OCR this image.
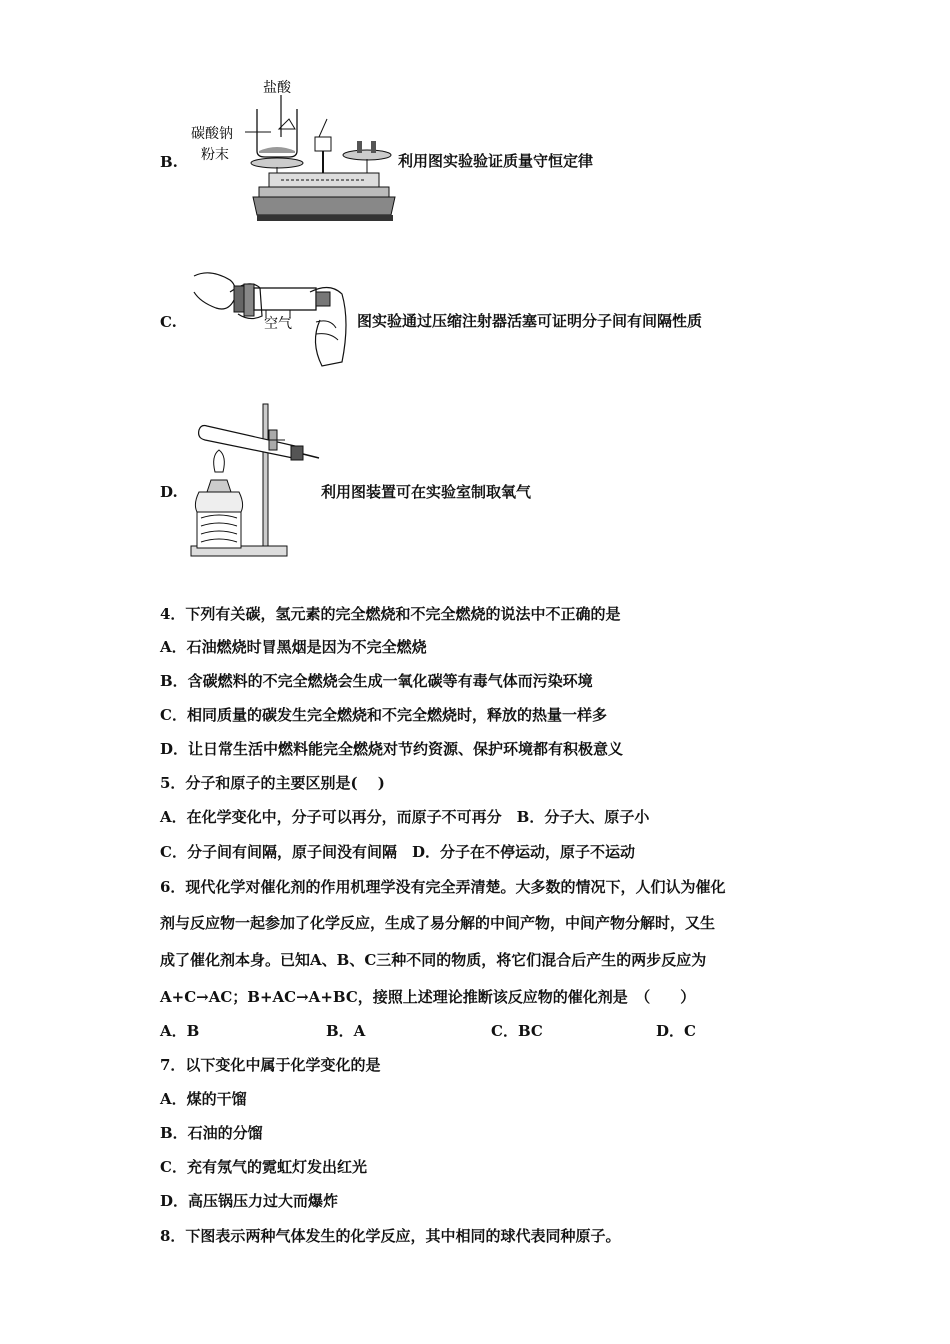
B.
盐酸
碳酸钠
粉末	利用图实验验证质量守恒定律
C.	空气	图实验通过压缩注射器活塞可证明分子间有间隔性质
D.	利用图装置可在实验室制取氧气
4．下列有关碳，氢元素的完全燃烧和不完全燃烧的说法中不正确的是
A．石油燃烧时冒黑烟是因为不完全燃烧
B．含碳燃料的不完全燃烧会生成一氧化碳等有毒气体而污染环境
C．相同质量的碳发生完全燃烧和不完全燃烧时，释放的热量一样多
D．让日常生活中燃料能完全燃烧对节约资源、保护环境都有积极意义
5．分子和原子的主要区别是(　 )
A．在化学变化中，分子可以再分，而原子不可再分　B．分子大、原子小
C．分子间有间隔，原子间没有间隔　D．分子在不停运动，原子不运动
6．现代化学对催化剂的作用机理学没有完全弄清楚。大多数的情况下，人们认为催化
剂与反应物一起参加了化学反应，生成了易分解的中间产物，中间产物分解时，又生
成了催化剂本身。已知A、B、C三种不同的物质，将它们混合后产生的两步反应为
A+C→AC；B+AC→A+BC，接照上述理论推断该反应物的催化剂是　（　　）
A．B	B．A	C．BC	D．C
7．以下变化中属于化学变化的是
A．煤的干馏
B．石油的分馏
C．充有氖气的霓虹灯发出红光
D．高压锅压力过大而爆炸
8．下图表示两种气体发生的化学反应，其中相同的球代表同种原子。
